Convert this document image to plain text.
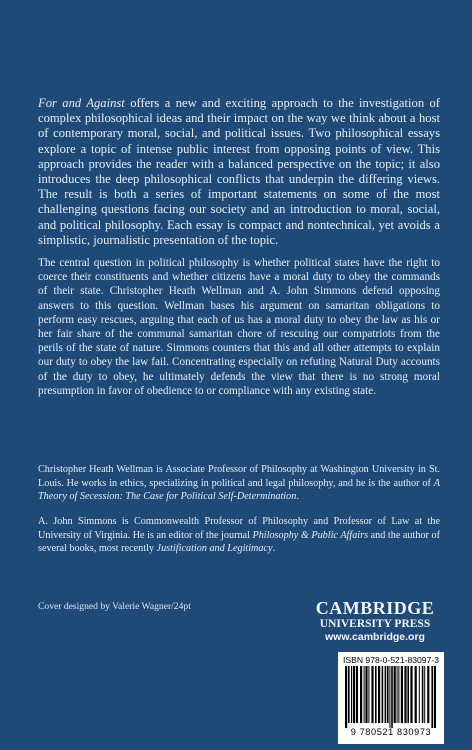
For and Against offers a new and exciting approach to the investigation of complex philosophical ideas and their impact on the way we think about a host of contemporary moral, social, and political issues. Two philosophical essays explore a topic of intense public interest from opposing points of view. This approach provides the reader with a balanced perspective on the topic; it also introduces the deep philosophical conflicts that underpin the differing views. The result is both a series of important statements on some of the most challenging questions facing our society and an introduction to moral, social, and political philosophy. Each essay is compact and nontechnical, yet avoids a simplistic, journalistic presentation of the topic.

The central question in political philosophy is whether political states have the right to coerce their constituents and whether citizens have a moral duty to obey the commands of their state. Christopher Heath Wellman and A. John Simmons defend opposing answers to this question. Wellman bases his argument on samaritan obligations to perform easy rescues, arguing that each of us has a moral duty to obey the law as his or her fair share of the communal samaritan chore of rescuing our compatriots from the perils of the state of nature. Simmons counters that this and all other attempts to explain our duty to obey the law fail. Concentrating especially on refuting Natural Duty accounts of the duty to obey, he ultimately defends the view that there is no strong moral presumption in favor of obedience to or compliance with any existing state.

Christopher Heath Wellman is Associate Professor of Philosophy at Washington University in St. Louis. He works in ethics, specializing in political and legal philosophy, and he is the author of A Theory of Secession: The Case for Political Self-Determination.

A. John Simmons is Commonwealth Professor of Philosophy and Professor of Law at the University of Virginia. He is an editor of the journal Philosophy & Public Affairs and the author of several books, most recently Justification and Legitimacy.

Cover designed by Valerie Wagner/24pt	CAMBRIDGE
UNIVERSITY PRESS
www.cambridge.org
ISBN 978-0-521-83097-3
9 780521 830973
